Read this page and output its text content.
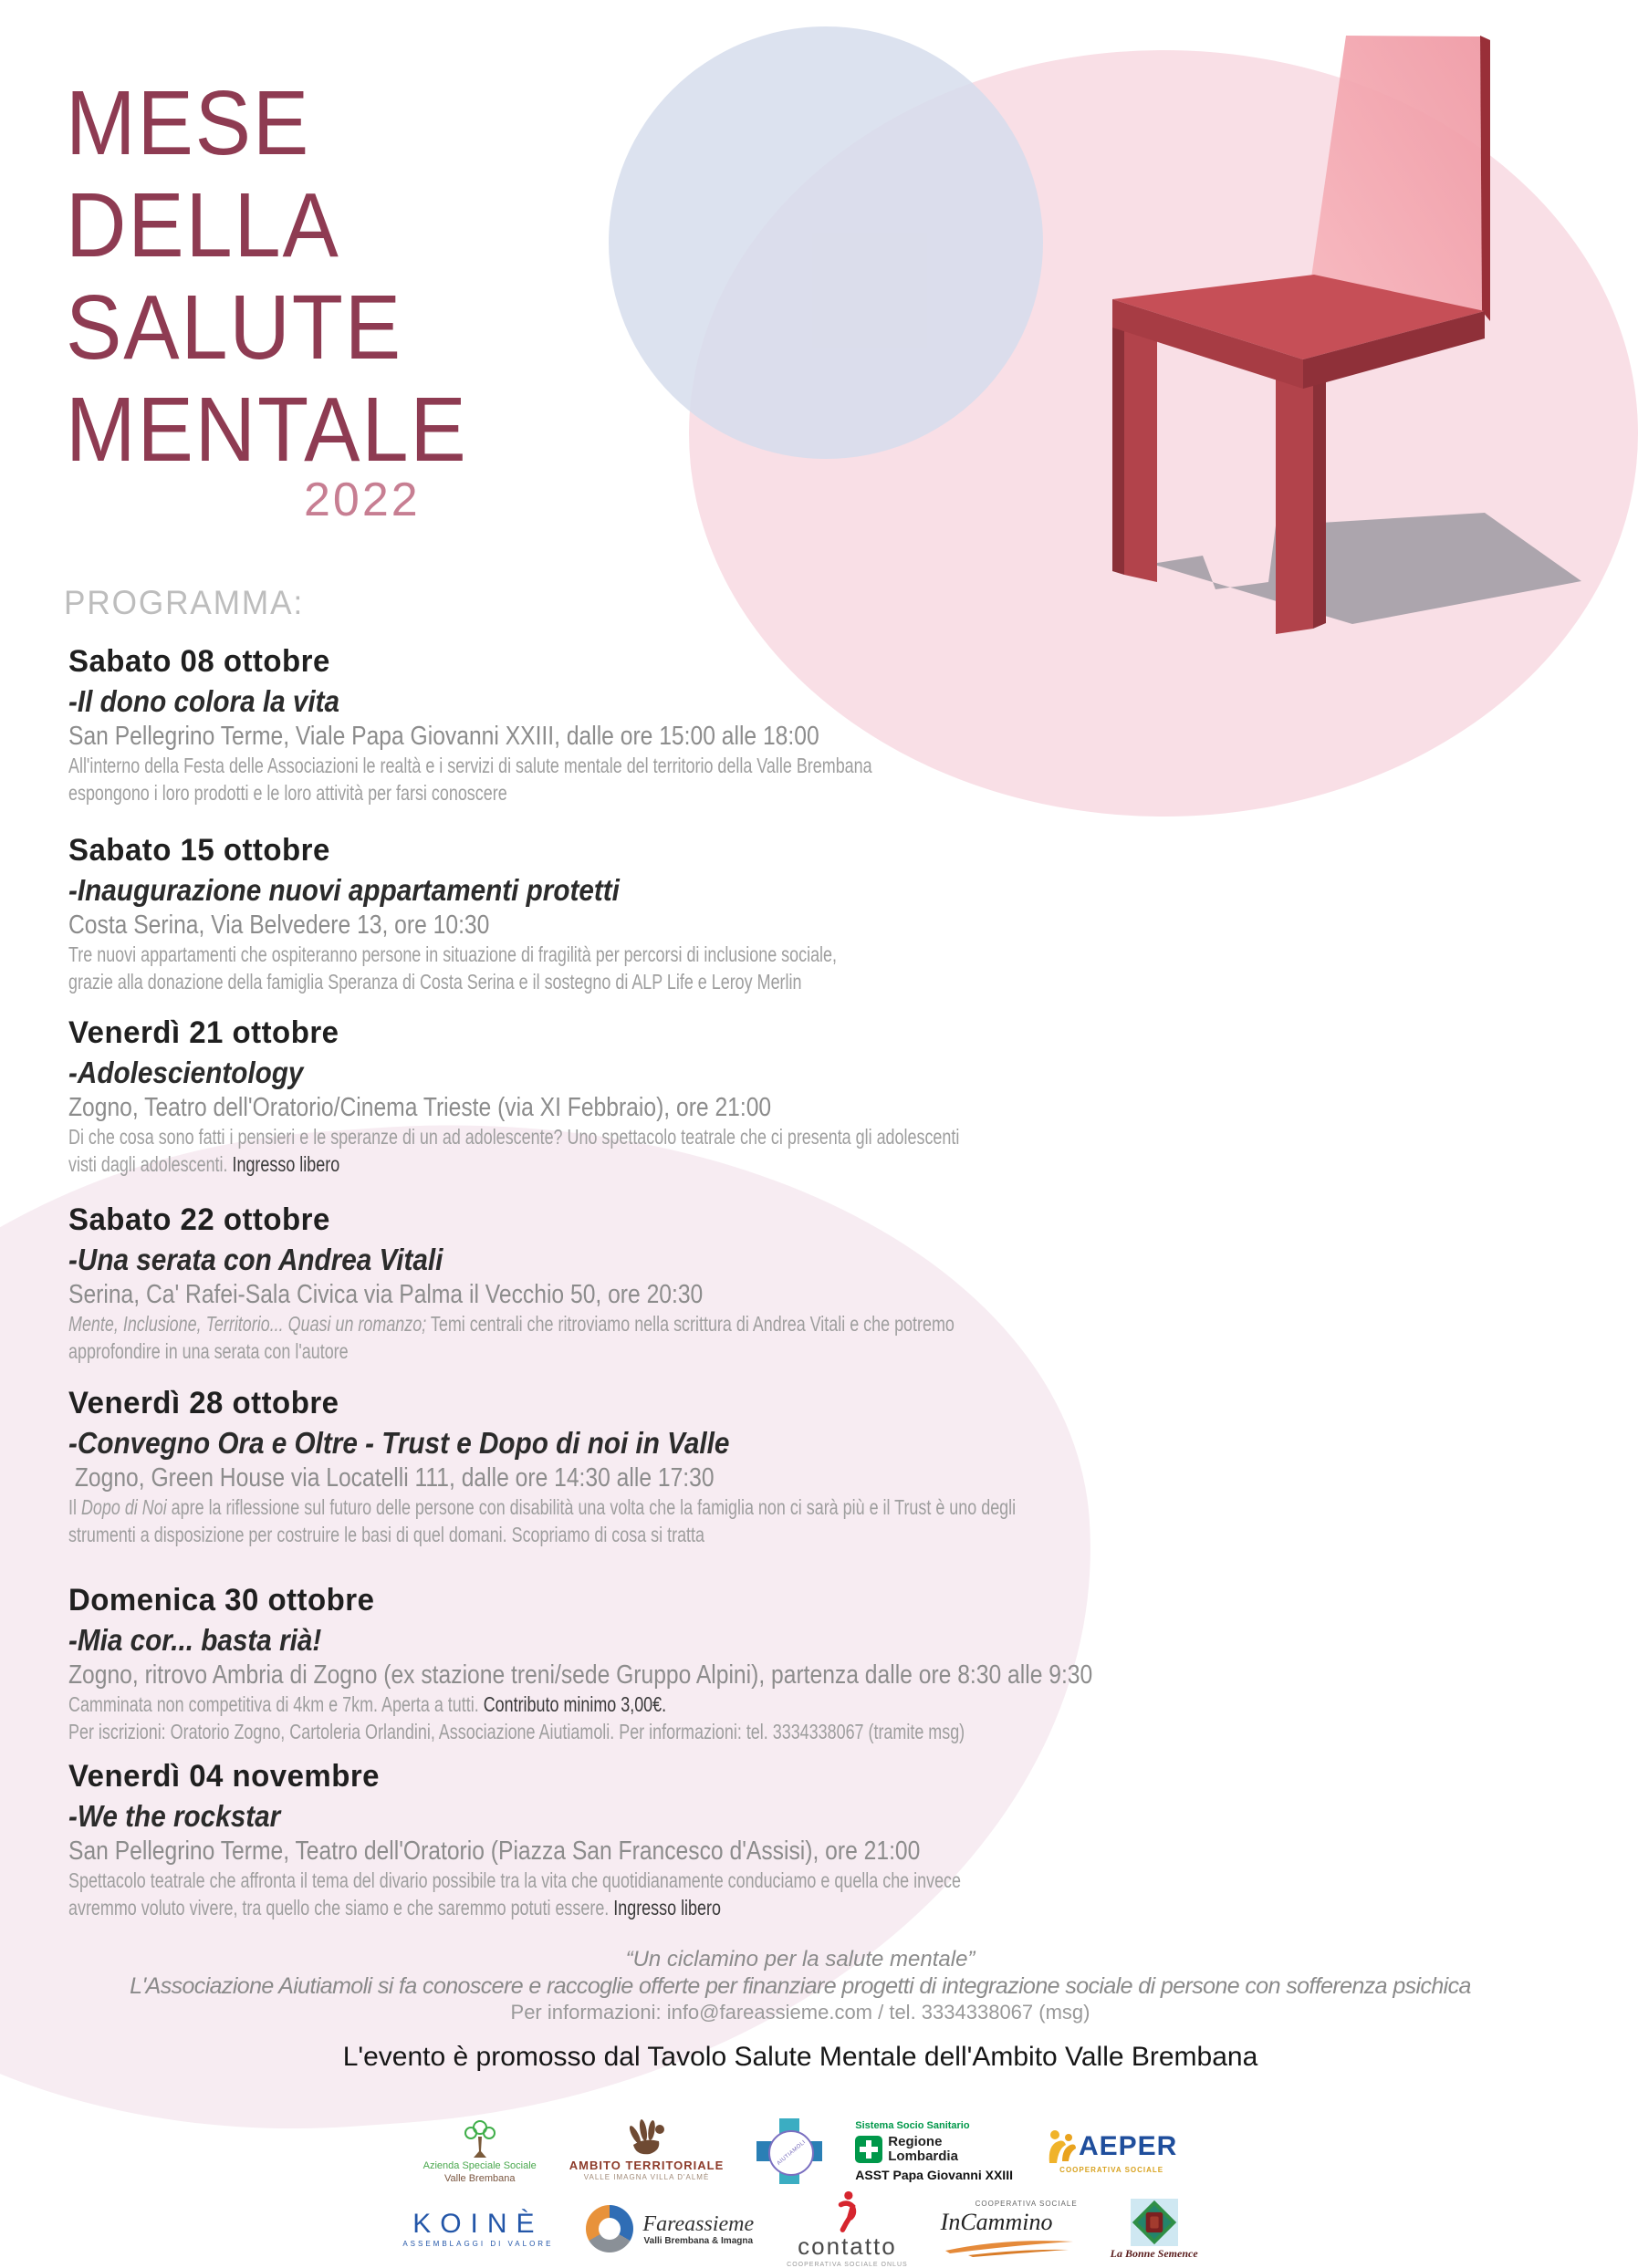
MESE
DELLA
SALUTE
MENTALE
2022
PROGRAMMA:
Sabato 08 ottobre
-Il dono colora la vita

San Pellegrino Terme, Viale Papa Giovanni XXIII, dalle ore 15:00 alle 18:00

All'interno della Festa delle Associazioni le realtà e i servizi di salute mentale del territorio della Valle Brembana

espongono i loro prodotti e le loro attività per farsi conoscere

Sabato 15 ottobre
-Inaugurazione nuovi appartamenti protetti

Costa Serina, Via Belvedere 13, ore 10:30

Tre nuovi appartamenti che ospiteranno persone in situazione di fragilità per percorsi di inclusione sociale,

grazie alla donazione della famiglia Speranza di Costa Serina e il sostegno di ALP Life e Leroy Merlin

Venerdì 21 ottobre
-Adolescientology

Zogno, Teatro dell'Oratorio/Cinema Trieste (via XI Febbraio), ore 21:00

Di che cosa sono fatti i pensieri e le speranze di un ad adolescente? Uno spettacolo teatrale che ci presenta gli adolescenti

visti dagli adolescenti. Ingresso libero

Sabato 22 ottobre
-Una serata con Andrea Vitali

Serina, Ca' Rafei-Sala Civica via Palma il Vecchio 50, ore 20:30

Mente, Inclusione, Territorio... Quasi un romanzo; Temi centrali che ritroviamo nella scrittura di Andrea Vitali e che potremo

approfondire in una serata con l'autore

Venerdì 28 ottobre
-Convegno Ora e Oltre - Trust e Dopo di noi in Valle

Zogno, Green House via Locatelli 111, dalle ore 14:30 alle 17:30

Il Dopo di Noi apre la riflessione sul futuro delle persone con disabilità una volta che la famiglia non ci sarà più e il Trust è uno degli

strumenti a disposizione per costruire le basi di quel domani. Scopriamo di cosa si tratta

Domenica 30 ottobre
-Mia cor... basta rià!

Zogno, ritrovo Ambria di Zogno (ex stazione treni/sede Gruppo Alpini), partenza dalle ore 8:30 alle 9:30

Camminata non competitiva di 4km e 7km. Aperta a tutti. Contributo minimo 3,00€.

Per iscrizioni: Oratorio Zogno, Cartoleria Orlandini, Associazione Aiutiamoli. Per informazioni: tel. 3334338067 (tramite msg)

Venerdì 04 novembre
-We the rockstar

San Pellegrino Terme, Teatro dell'Oratorio (Piazza San Francesco d'Assisi), ore 21:00

Spettacolo teatrale che affronta il tema del divario possibile tra la vita che quotidianamente conduciamo e quella che invece

avremmo voluto vivere, tra quello che siamo e che saremmo potuti essere. Ingresso libero

“Un ciclamino per la salute mentale”
L'Associazione Aiutiamoli si fa conoscere e raccoglie offerte per finanziare progetti di integrazione sociale di persone con sofferenza psichica
Per informazioni: info@fareassieme.com / tel. 3334338067 (msg)
L'evento è promosso dal Tavolo Salute Mentale dell'Ambito Valle Brembana
Azienda Speciale Sociale
Valle Brembana
AMBITO TERRITORIALE
VALLE IMAGNA VILLA D'ALMÈ
AIUTIAMOLI
Sistema Socio Sanitario
Regione
Lombardia
ASST Papa Giovanni XXIII
AEPER
COOPERATIVA SOCIALE
KOINÈ
ASSEMBLAGGI DI VALORE
Fareassieme
Valli Brembana & Imagna contatto
COOPERATIVA SOCIALE ONLUS
COOPERATIVA SOCIALE
InCammino
La Bonne Semence
